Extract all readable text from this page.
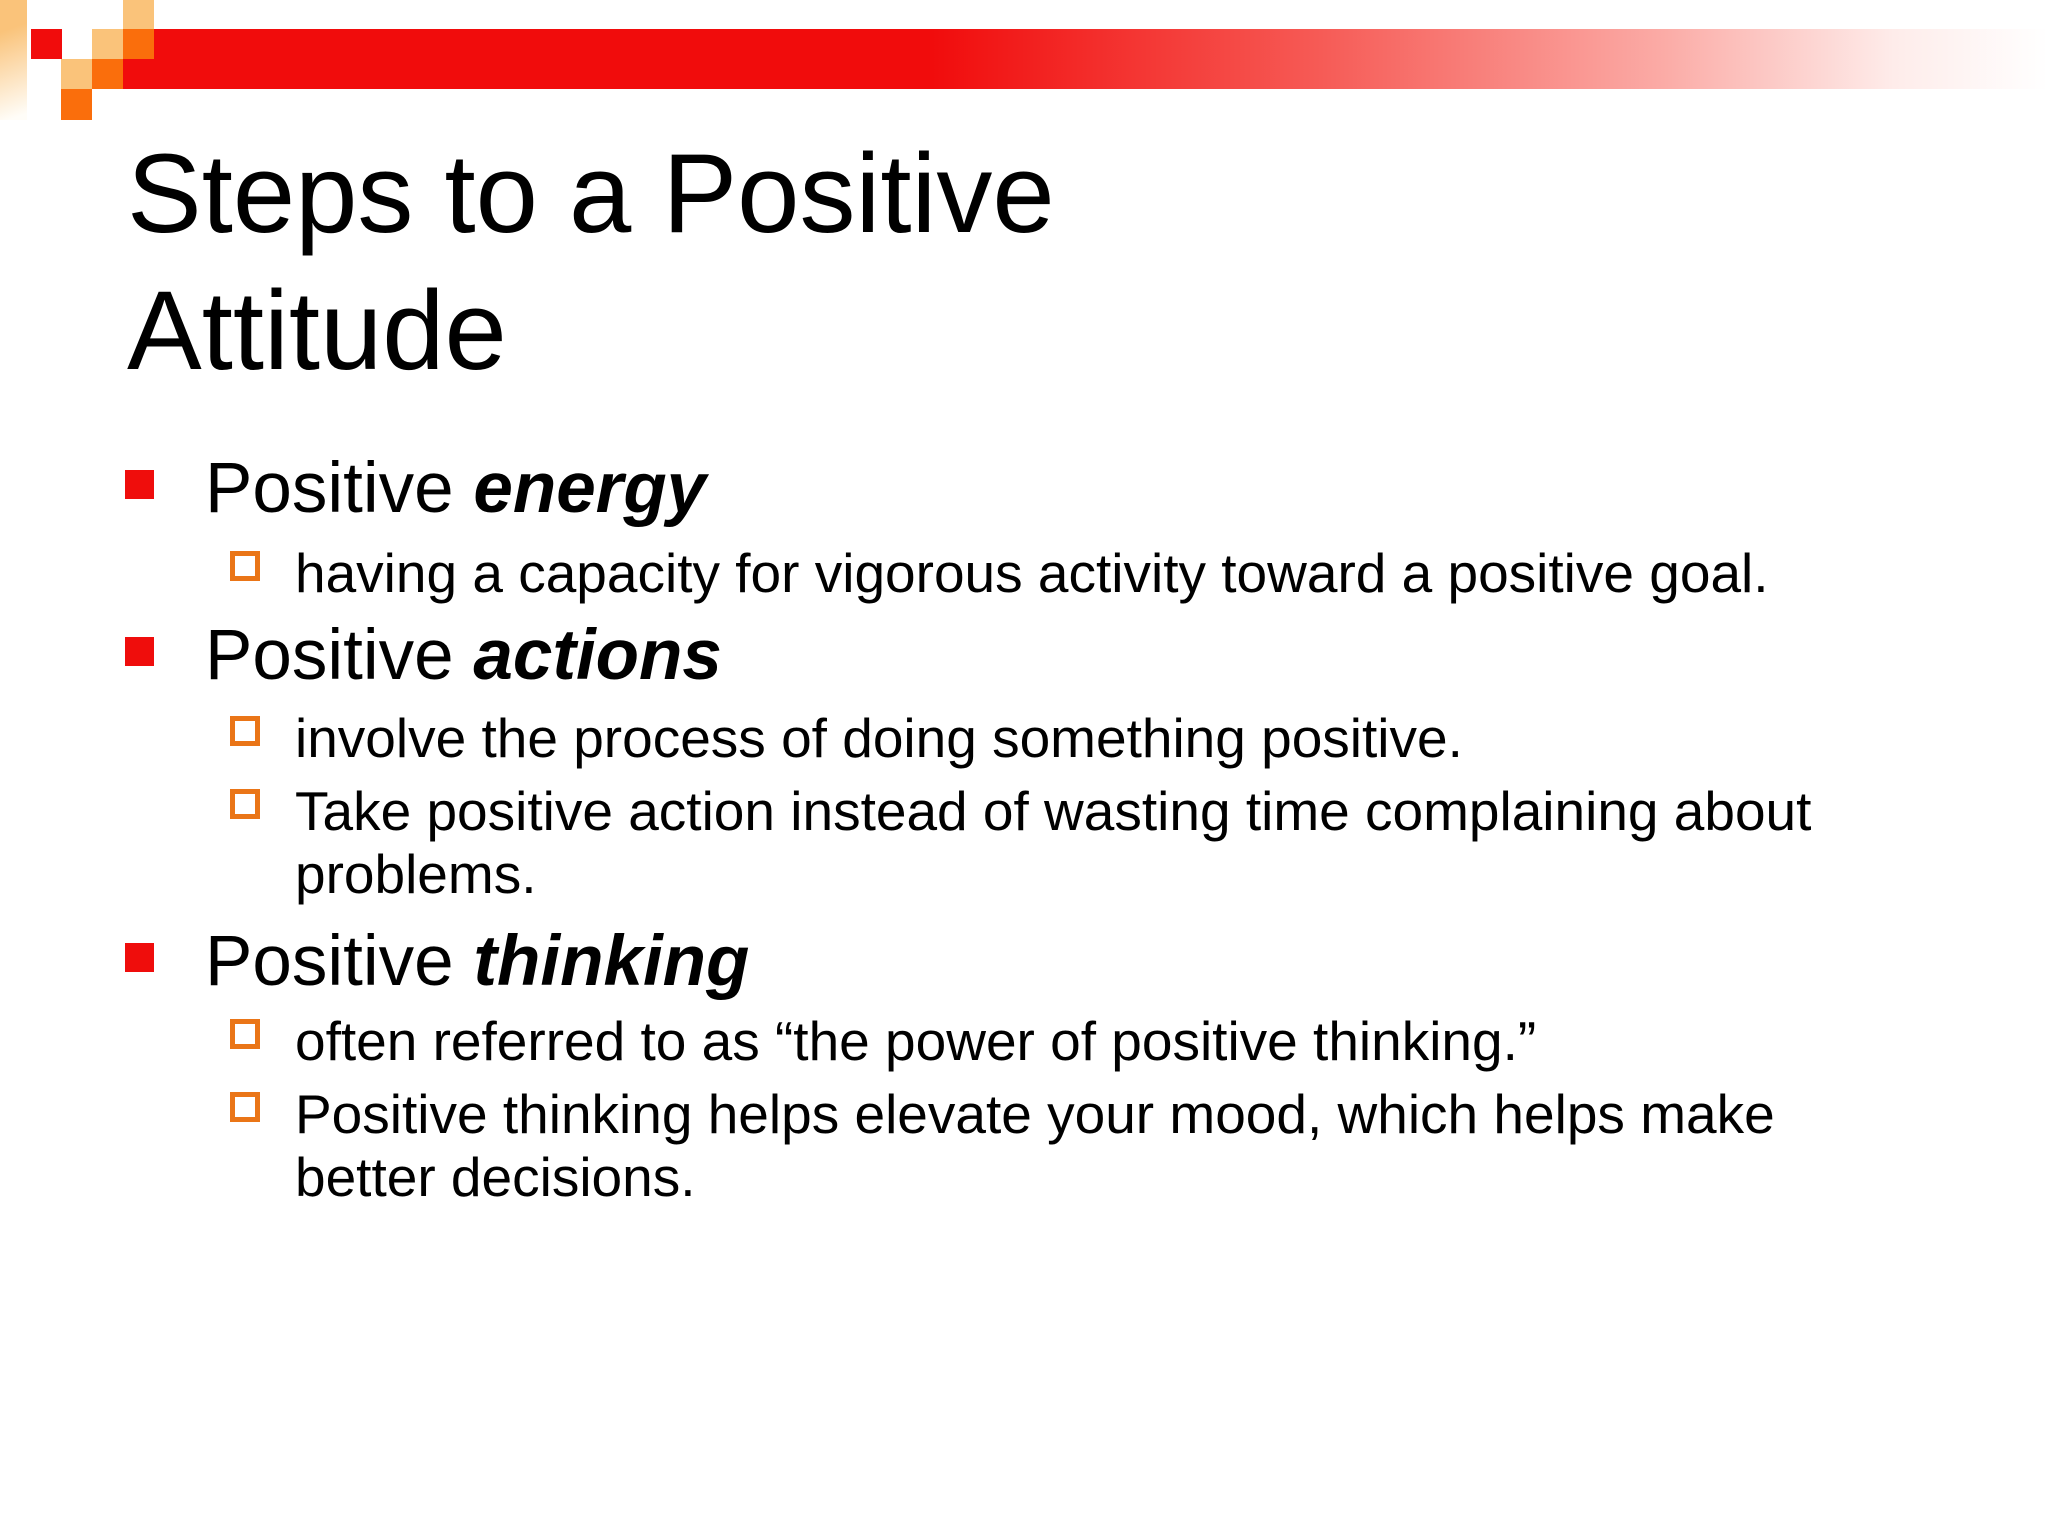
Steps to a Positive Attitude
Positive energy
having a capacity for vigorous activity toward a positive goal.
Positive actions
involve the process of doing something positive.
Take positive action instead of wasting time complaining about problems.
Positive thinking
often referred to as “the power of positive thinking.”
Positive thinking helps elevate your mood, which helps make better decisions.
